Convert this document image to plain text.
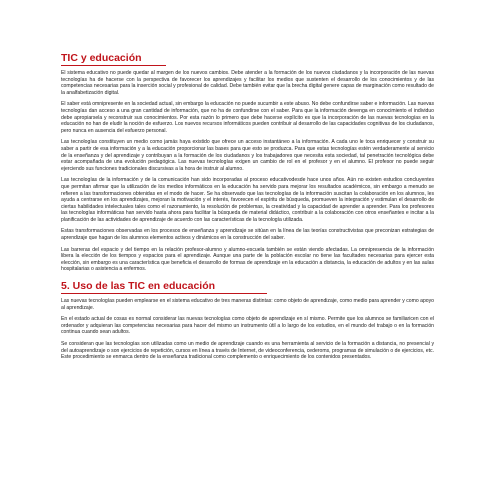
TIC y educación

El sistema educativo no puede quedar al margen de los nuevos cambios. Debe atender a la formación de los nuevos ciudadanos y la incorporación de las nuevas tecnologías ha de hacerse con la perspectiva de favorecer los aprendizajes y facilitar los medios que sustenten el desarrollo de los conocimientos y de las competencias necesarias para la inserción social y profesional de calidad. Debe también evitar que la brecha digital genere capas de marginación como resultado de la analfabetización digital.

El saber está omnipresente en la sociedad actual, sin embargo la educación no puede sucumbir a este abuso. No debe confundirse saber e información. Las nuevas tecnologías dan acceso a una gran cantidad de información, que no ha de confundirse con el saber. Para que la información devenga en conocimiento el individuo debe apropiarsela y reconstruir sus conocimientos. Por esta razón lo primero que debe hacerse explícito es que la incorporación de las nuevas tecnologías en la educación no han de eludir la noción de esfuerzo. Los nuevos recursos informáticos pueden contribuir al desarrollo de las capacidades cognitivas de los ciudadanos, pero nunca en ausencia del esfuerzo personal.

Las tecnologías constituyen un medio como jamás haya existido que ofrece un acceso instantáneo a la información. A cada uno le toca enriquecer y construir su saber a partir de esa información y a la educación proporcionar las bases para que esto se produzca. Para que estas tecnologías estén verdaderamente al servicio de la enseñanza y del aprendizaje y contribuyan a la formación de los ciudadanos y los trabajadores que necesita esta sociedad, tal penetración tecnológica debe estar acompañada de una evolución pedagógica. Las nuevas tecnologías exigen un cambio de rol en el profesor y en el alumno. El profesor no puede seguir ejerciendo sus funciones tradicionales discursivas a la hora de instruir al alumno.

Las tecnologías de la información y de la comunicación han sido incorporadas al proceso educativodesde hace unos años. Aún no existen estudios concluyentes que permitan afirmar que la utilización de los medios informáticos en la educación ha servido para mejorar los resultados académicos, sin embargo a menudo se refieren a las transformaciones obtenidas en el modo de hacer. Se ha observado que las tecnologías de la información suscitan la colaboración en los alumnos, les ayuda a centrarse en los aprendizajes, mejoran la motivación y el interés, favorecen el espíritu de búsqueda, promueven la integración y estimulan el desarrollo de ciertas habilidades intelectuales tales como el razonamiento, la resolución de problemas, la creatividad y la capacidad de aprender a aprender. Para los profesores las tecnologías informáticas han servido hasta ahora para facilitar la búsqueda de material didáctico, contribuir a la colaboración con otros enseñantes e incitar a la planificación de las actividades de aprendizaje de acuerdo con las características de la tecnología utilizada.

Estas transformaciones observadas en los procesos de enseñanza y aprendizaje se sitúan en la línea de las teorías constructivistas que preconizan estrategias de aprendizaje que hagan de los alumnos elementos activos y dinámicos en la construcción del saber.

Las barreras del espacio y del tiempo en la relación profesor-alumno y alumno-escuela también se están viendo afectadas. La omnipresencia de la información libera la elección de los tiempos y espacios para el aprendizaje. Aunque una parte de la población escolar no tiene las facultades necesarias para ejercer esta elección, sin embargo es una característica que beneficia el desarrollo de formas de aprendizaje en la educación a distancia, la educación de adultos y en las aulas hospitalarias o asistencia a enfermos.

5. Uso de las TIC en educación

Las nuevas tecnologías pueden emplearse en el sistema educativo de tres maneras distintas: como objeto de aprendizaje, como medio para aprender y como apoyo al aprendizaje.

En el estado actual de cosas es normal considerar las nuevas tecnologías como objeto de aprendizaje en sí mismo. Permite que los alumnos se familiaricen con el ordenador y adquieran las competencias necesarias para hacer del mismo un instrumento útil a lo largo de los estudios, en el mundo del trabajo o en la formación continua cuando sean adultos.

Se consideran que las tecnologías son utilizadas como un medio de aprendizaje cuando es una herramienta al servicio de la formación a distancia, no presencial y del autoaprendizaje o son ejercicios de repetición, cursos en línea a través de Internet, de videoconferencia, cederoms, programas de simulación o de ejercicios, etc. Este procedimiento se enmarca dentro de la enseñanza tradicional como complemento o enriquecimiento de los contenidos presentados.
